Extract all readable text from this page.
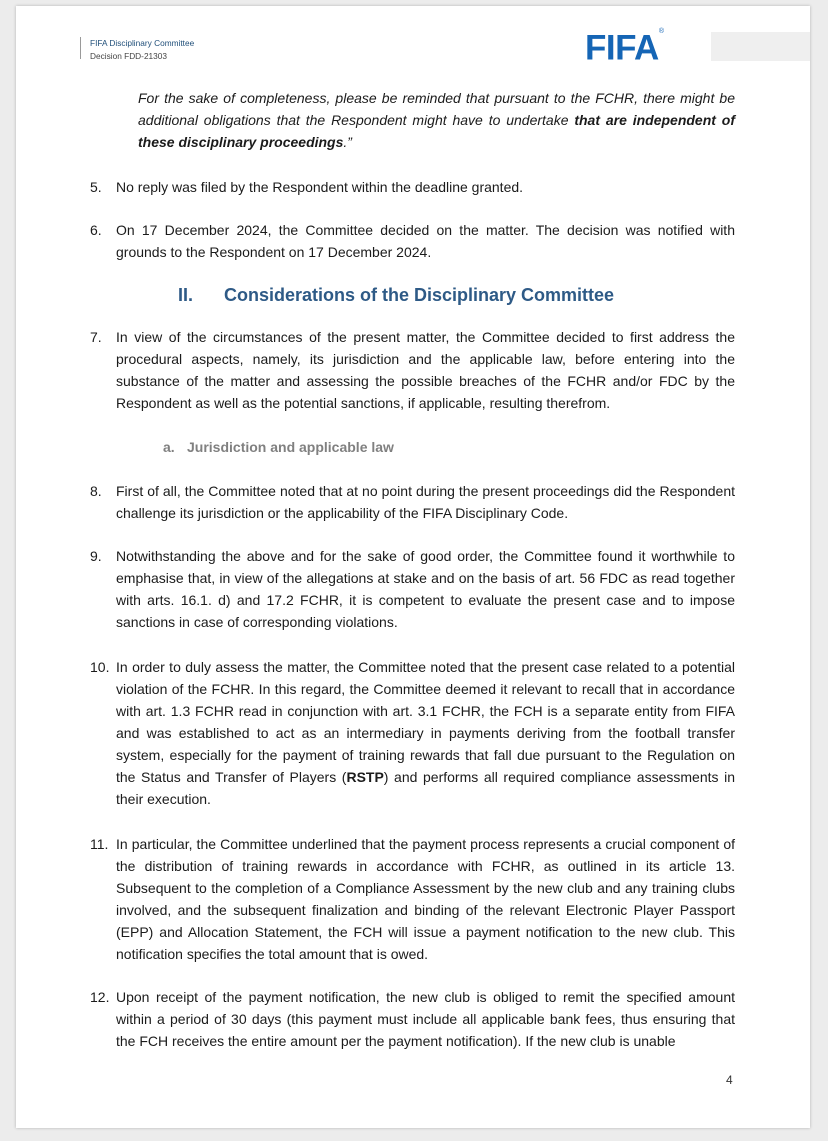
FIFA Disciplinary Committee
Decision FDD-21303	FIFA®
For the sake of completeness, please be reminded that pursuant to the FCHR, there might be additional obligations that the Respondent might have to undertake that are independent of these disciplinary proceedings.”
5.	No reply was filed by the Respondent within the deadline granted.
6.	On 17 December 2024, the Committee decided on the matter. The decision was notified with grounds to the Respondent on 17 December 2024.
II. Considerations of the Disciplinary Committee
7.	In view of the circumstances of the present matter, the Committee decided to first address the procedural aspects, namely, its jurisdiction and the applicable law, before entering into the substance of the matter and assessing the possible breaches of the FCHR and/or FDC by the Respondent as well as the potential sanctions, if applicable, resulting therefrom.
a. Jurisdiction and applicable law
8.	First of all, the Committee noted that at no point during the present proceedings did the Respondent challenge its jurisdiction or the applicability of the FIFA Disciplinary Code.
9.	Notwithstanding the above and for the sake of good order, the Committee found it worthwhile to emphasise that, in view of the allegations at stake and on the basis of art. 56 FDC as read together with arts. 16.1. d) and 17.2 FCHR, it is competent to evaluate the present case and to impose sanctions in case of corresponding violations.
10. In order to duly assess the matter, the Committee noted that the present case related to a potential violation of the FCHR. In this regard, the Committee deemed it relevant to recall that in accordance with art. 1.3 FCHR read in conjunction with art. 3.1 FCHR, the FCH is a separate entity from FIFA and was established to act as an intermediary in payments deriving from the football transfer system, especially for the payment of training rewards that fall due pursuant to the Regulation on the Status and Transfer of Players (RSTP) and performs all required compliance assessments in their execution.
11. In particular, the Committee underlined that the payment process represents a crucial component of the distribution of training rewards in accordance with FCHR, as outlined in its article 13. Subsequent to the completion of a Compliance Assessment by the new club and any training clubs involved, and the subsequent finalization and binding of the relevant Electronic Player Passport (EPP) and Allocation Statement, the FCH will issue a payment notification to the new club. This notification specifies the total amount that is owed.
12. Upon receipt of the payment notification, the new club is obliged to remit the specified amount within a period of 30 days (this payment must include all applicable bank fees, thus ensuring that the FCH receives the entire amount per the payment notification). If the new club is unable
4
